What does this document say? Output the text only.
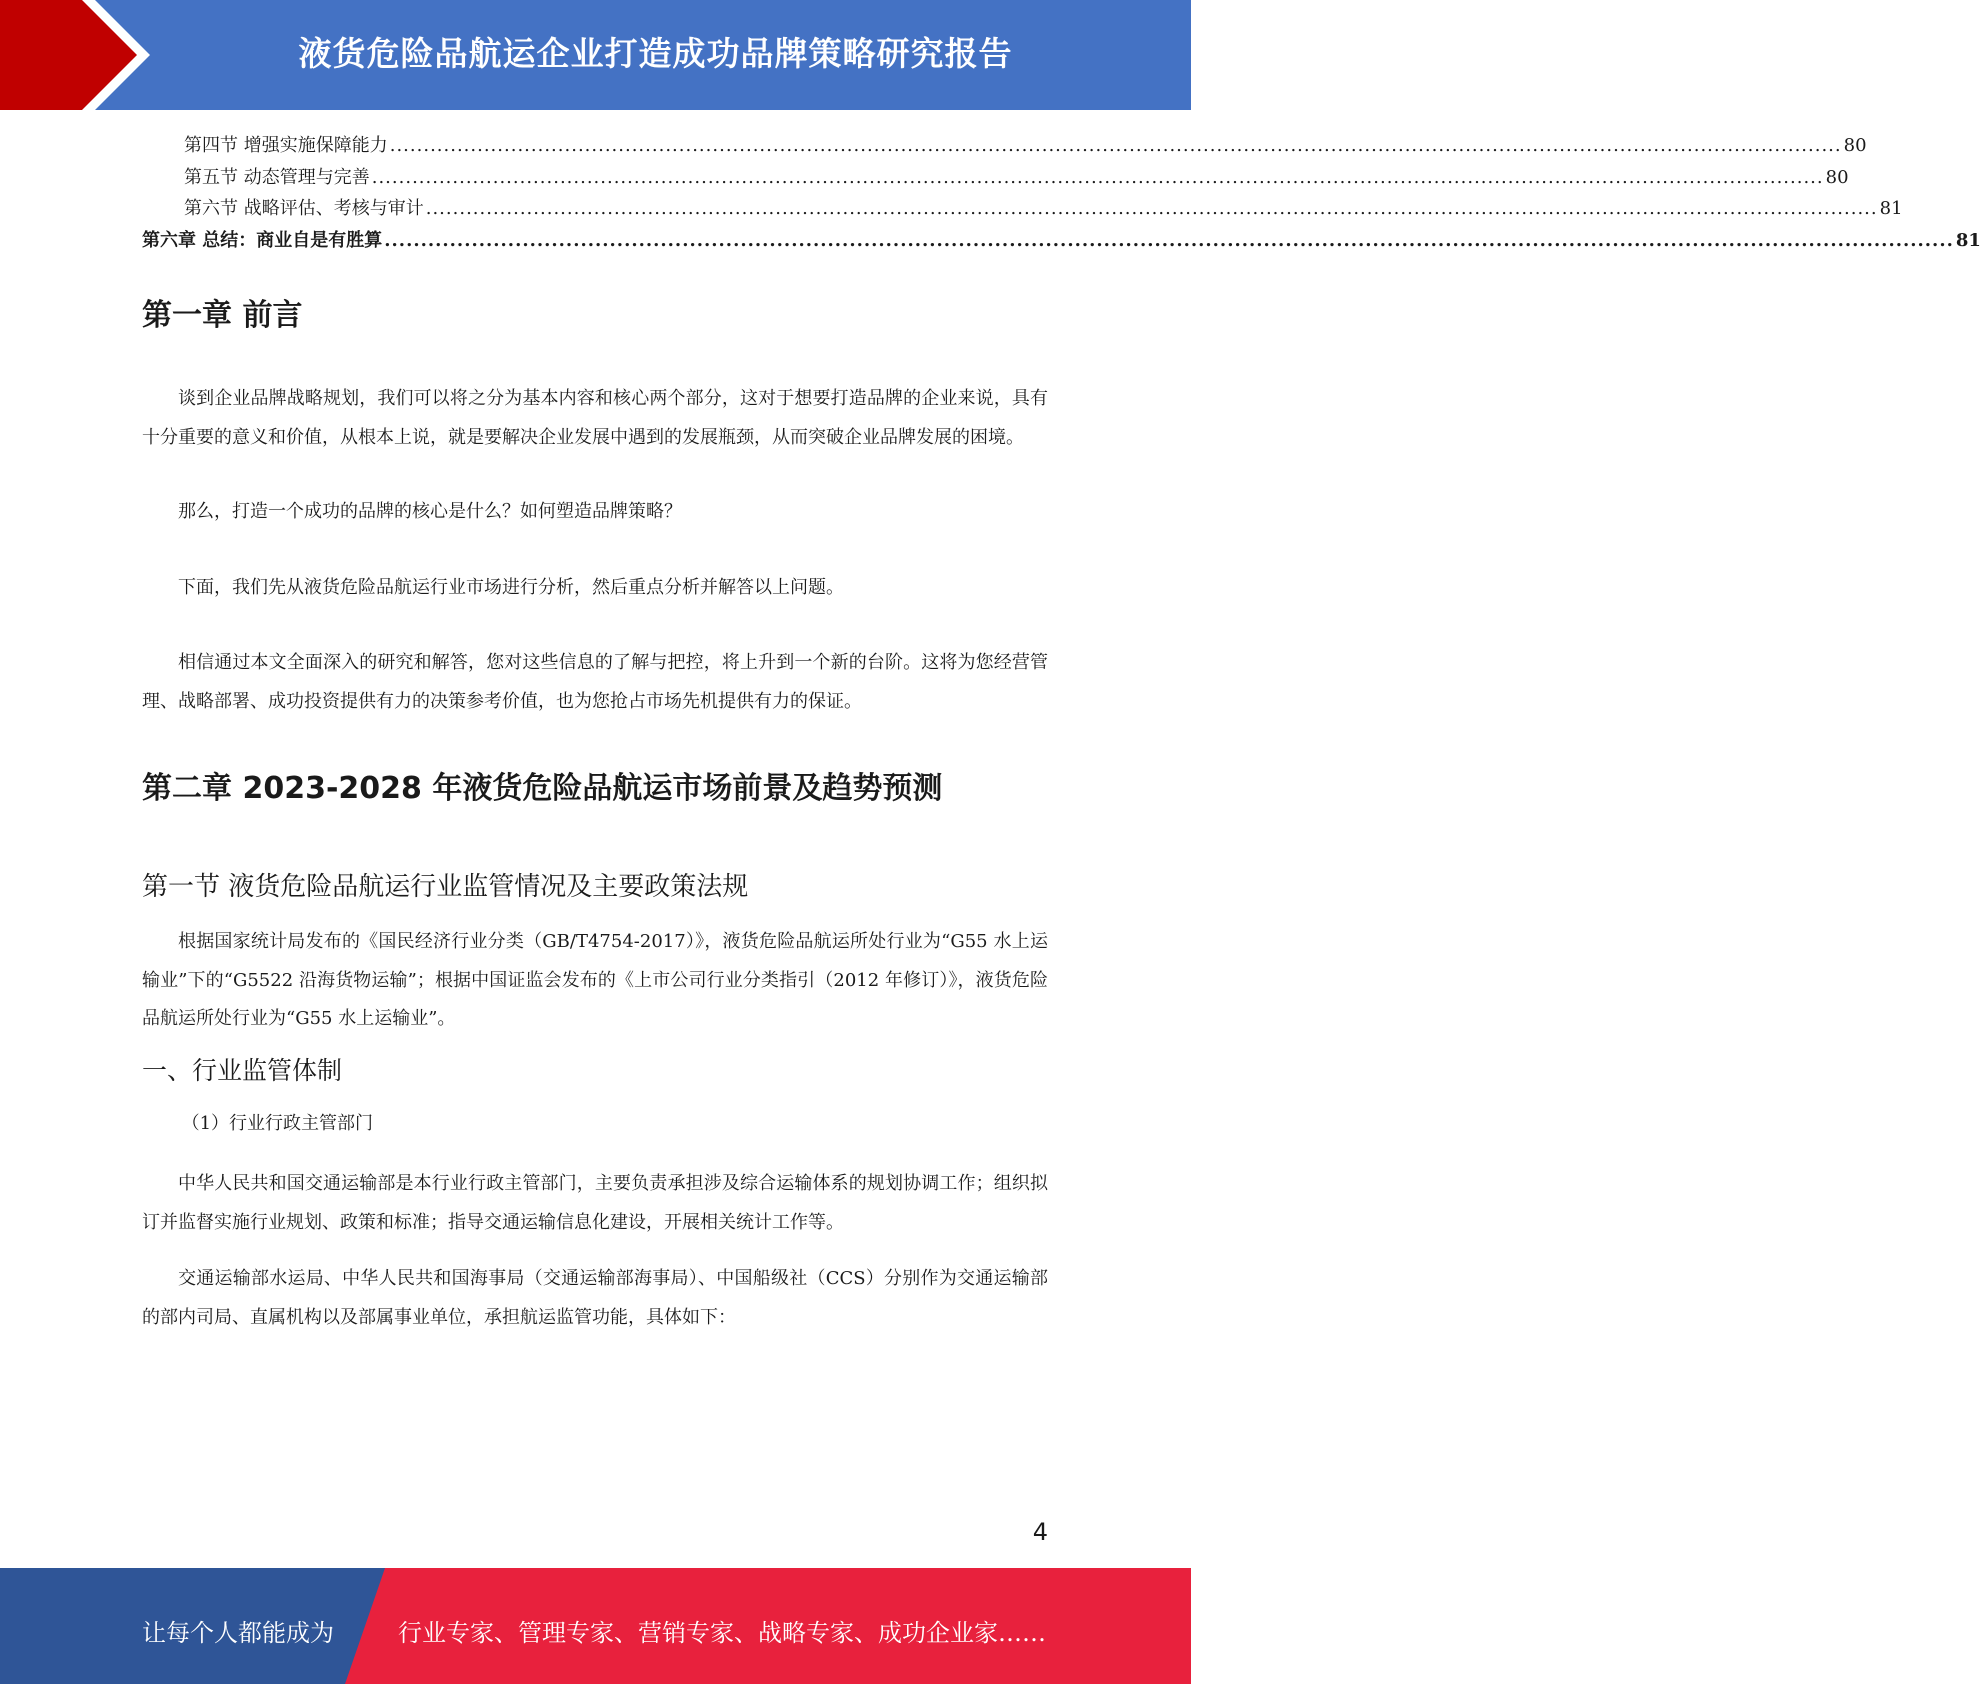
液货危险品航运企业打造成功品牌策略研究报告
第四节 增强实施保障能力 ........................................................................................................................................................................................................................ 80
第五节 动态管理与完善 ........................................................................................................................................................................................................................ 80
第六节 战略评估、考核与审计 ........................................................................................................................................................................................................................ 81
第六章 总结：商业自是有胜算 ........................................................................................................................................................................................................................ 81
第一章 前言

谈到企业品牌战略规划，我们可以将之分为基本内容和核心两个部分，这对于想要打造品牌的企业来说，具有十分重要的意义和价值，从根本上说，就是要解决企业发展中遇到的发展瓶颈，从而突破企业品牌发展的困境。

那么，打造一个成功的品牌的核心是什么？如何塑造品牌策略？

下面，我们先从液货危险品航运行业市场进行分析，然后重点分析并解答以上问题。

相信通过本文全面深入的研究和解答，您对这些信息的了解与把控，将上升到一个新的台阶。这将为您经营管理、战略部署、成功投资提供有力的决策参考价值，也为您抢占市场先机提供有力的保证。

第二章 2023-2028 年液货危险品航运市场前景及趋势预测
第一节 液货危险品航运行业监管情况及主要政策法规

根据国家统计局发布的《国民经济行业分类（GB/T4754-2017）》，液货危险品航运所处行业为“G55 水上运输业”下的“G5522 沿海货物运输”；根据中国证监会发布的《上市公司行业分类指引（2012 年修订）》，液货危险品航运所处行业为“G55 水上运输业”。

一、行业监管体制

（1）行业行政主管部门

中华人民共和国交通运输部是本行业行政主管部门，主要负责承担涉及综合运输体系的规划协调工作；组织拟订并监督实施行业规划、政策和标准；指导交通运输信息化建设，开展相关统计工作等。

交通运输部水运局、中华人民共和国海事局（交通运输部海事局）、中国船级社（CCS）分别作为交通运输部的部内司局、直属机构以及部属事业单位，承担航运监管功能，具体如下：

4
让每个人都能成为	行业专家、管理专家、营销专家、战略专家、成功企业家……
